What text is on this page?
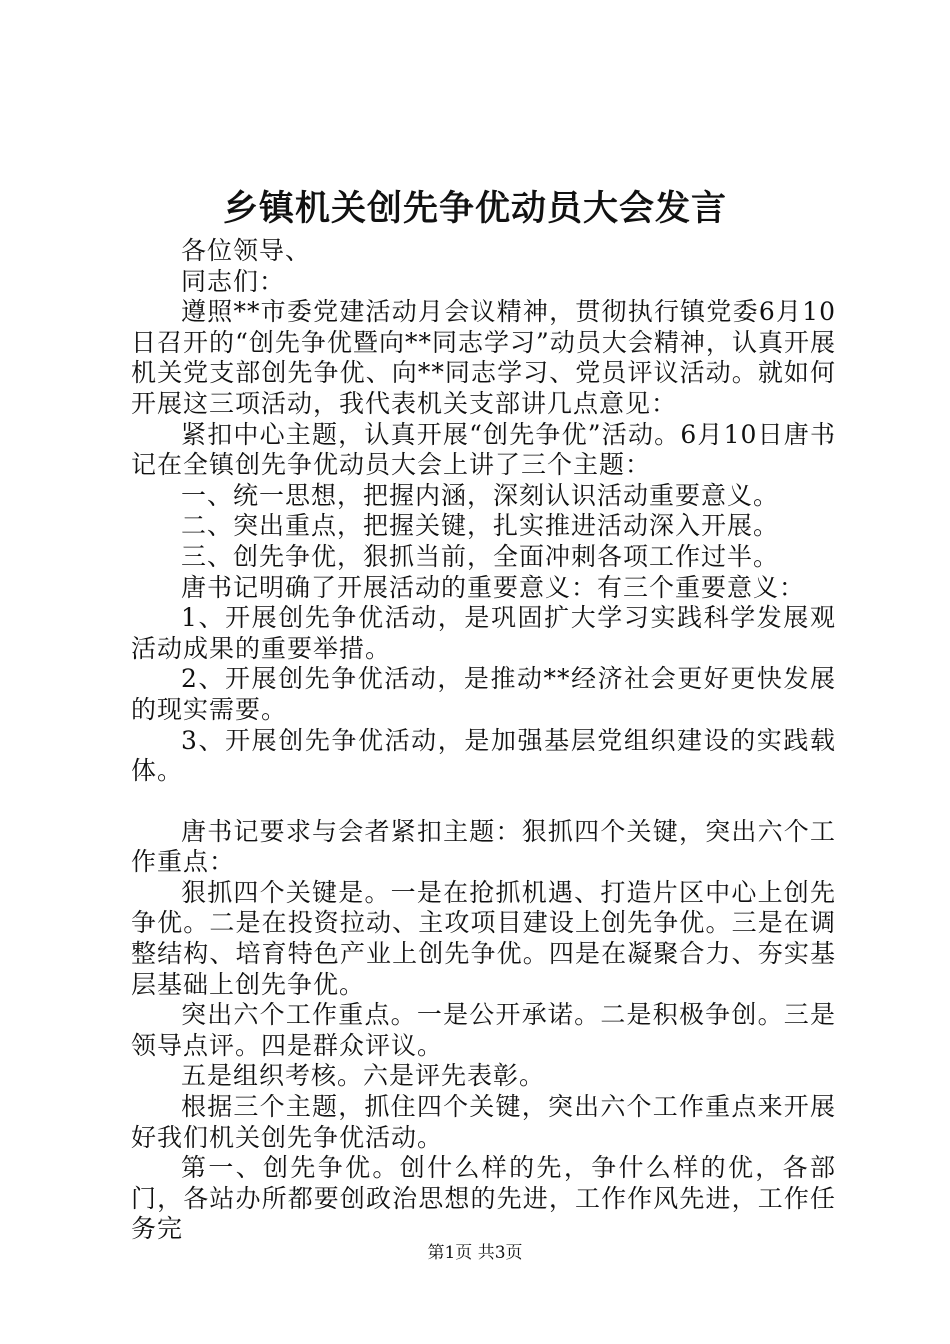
乡镇机关创先争优动员大会发言

各位领导、

同志们：

遵照**市委党建活动月会议精神，贯彻执行镇党委6月10日召开的“创先争优暨向**同志学习”动员大会精神，认真开展机关党支部创先争优、向**同志学习、党员评议活动。就如何开展这三项活动，我代表机关支部讲几点意见：

紧扣中心主题，认真开展“创先争优”活动。6月10日唐书记在全镇创先争优动员大会上讲了三个主题：

一、统一思想，把握内涵，深刻认识活动重要意义。

二、突出重点，把握关键，扎实推进活动深入开展。

三、创先争优，狠抓当前，全面冲刺各项工作过半。

唐书记明确了开展活动的重要意义：有三个重要意义：

1、开展创先争优活动，是巩固扩大学习实践科学发展观活动成果的重要举措。

2、开展创先争优活动，是推动**经济社会更好更快发展的现实需要。

3、开展创先争优活动，是加强基层党组织建设的实践载体。

唐书记要求与会者紧扣主题：狠抓四个关键，突出六个工作重点：

狠抓四个关键是。一是在抢抓机遇、打造片区中心上创先争优。二是在投资拉动、主攻项目建设上创先争优。三是在调整结构、培育特色产业上创先争优。四是在凝聚合力、夯实基层基础上创先争优。

突出六个工作重点。一是公开承诺。二是积极争创。三是领导点评。四是群众评议。

五是组织考核。六是评先表彰。

根据三个主题，抓住四个关键，突出六个工作重点来开展好我们机关创先争优活动。

第一、创先争优。创什么样的先，争什么样的优，各部门，各站办所都要创政治思想的先进，工作作风先进，工作任务完

第1页 共3页
